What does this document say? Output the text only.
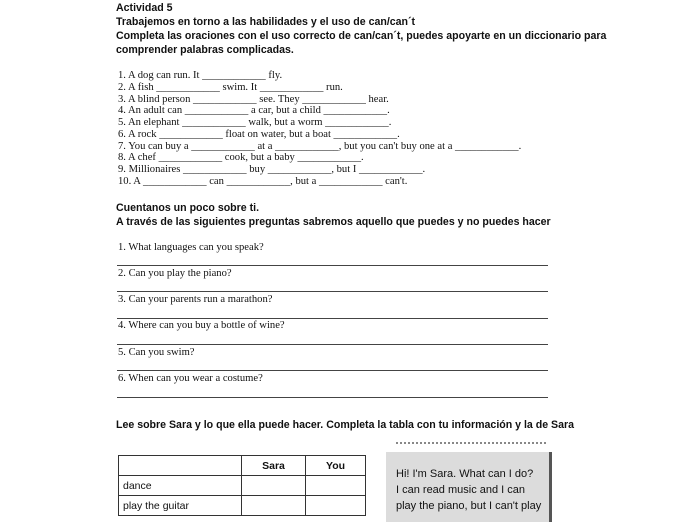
Actividad 5
Trabajemos en torno a las habilidades y el uso de can/can´t
Completa las oraciones con el uso correcto de can/can´t, puedes apoyarte en un diccionario para
comprender palabras complicadas.
1. A dog can run. It ____________ fly.
2. A fish ____________ swim. It ____________ run.
3. A blind person ____________ see. They ____________ hear.
4. An adult can ____________ a car, but a child ____________.
5. An elephant ____________ walk, but a worm ____________.
6. A rock ____________ float on water, but a boat ____________.
7. You can buy a ____________ at a ____________, but you can't buy one at a ____________.
8. A chef ____________ cook, but a baby ____________.
9. Millionaires ____________ buy ____________, but I ____________.
10. A ____________ can ____________, but a ____________ can't.
Cuentanos un poco sobre ti.
A través de las siguientes preguntas sabremos aquello que puedes y no puedes hacer
1. What languages can you speak?
2. Can you play the piano?
3. Can your parents run a marathon?
4. Where can you buy a bottle of wine?
5. Can you swim?
6. When can you wear a costume?
Lee sobre Sara y lo que ella puede hacer. Completa la tabla con tu información y la de Sara
	Sara	You
dance		
play the guitar		
Hi! I'm Sara. What can I do?
I can read music and I can
play the piano, but I can't play
